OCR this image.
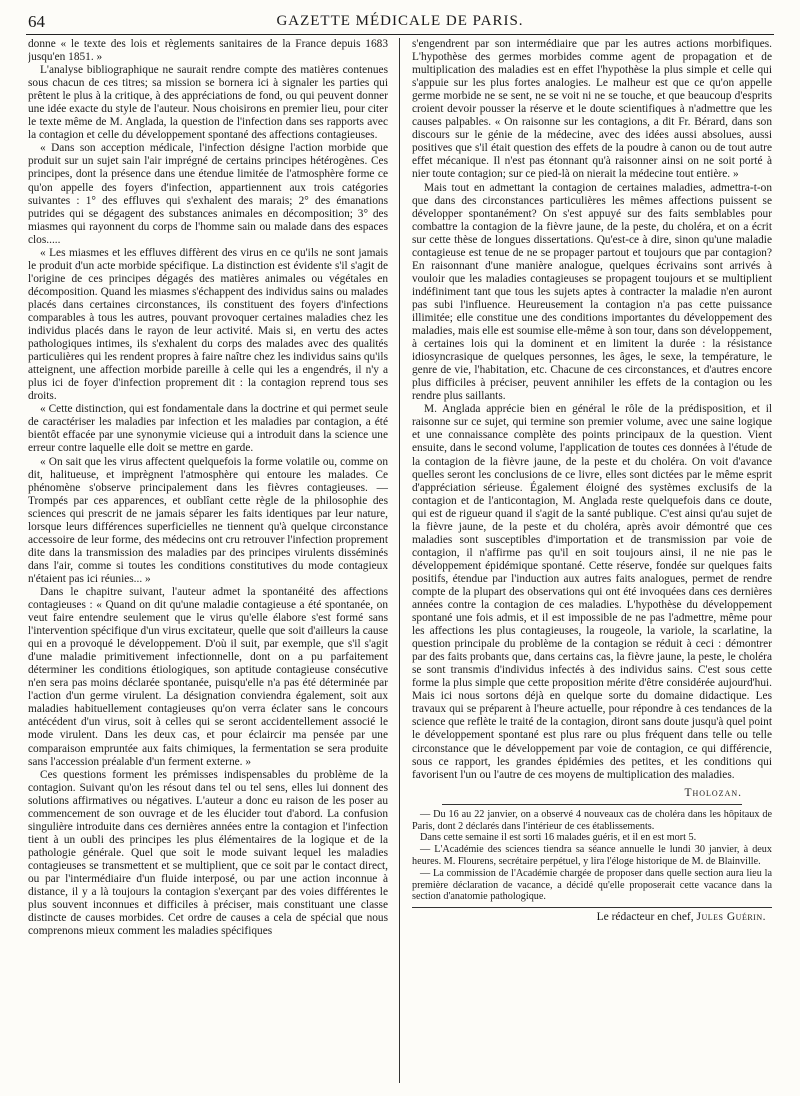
64	GAZETTE MÉDICALE DE PARIS.

donne « le texte des lois et règlements sanitaires de la France depuis 1683 jusqu'en 1851. »

L'analyse bibliographique ne saurait rendre compte des matières contenues sous chacun de ces titres; sa mission se bornera ici à signaler les parties qui prêtent le plus à la critique, à des appréciations de fond, ou qui peuvent donner une idée exacte du style de l'auteur. Nous choisirons en premier lieu, pour citer le texte même de M. Anglada, la question de l'infection dans ses rapports avec la contagion et celle du développement spontané des affections contagieuses.

« Dans son acception médicale, l'infection désigne l'action morbide que produit sur un sujet sain l'air imprégné de certains principes hétérogènes. Ces principes, dont la présence dans une étendue limitée de l'atmosphère forme ce qu'on appelle des foyers d'infection, appartiennent aux trois catégories suivantes : 1° des effluves qui s'exhalent des marais; 2° des émanations putrides qui se dégagent des substances animales en décomposition; 3° des miasmes qui rayonnent du corps de l'homme sain ou malade dans des espaces clos.....

« Les miasmes et les effluves diffèrent des virus en ce qu'ils ne sont jamais le produit d'un acte morbide spécifique. La distinction est évidente s'il s'agit de l'origine de ces principes dégagés des matières animales ou végétales en décomposition. Quand les miasmes s'échappent des individus sains ou malades placés dans certaines circonstances, ils constituent des foyers d'infections comparables à tous les autres, pouvant provoquer certaines maladies chez les individus placés dans le rayon de leur activité. Mais si, en vertu des actes pathologiques intimes, ils s'exhalent du corps des malades avec des qualités particulières qui les rendent propres à faire naître chez les individus sains qu'ils atteignent, une affection morbide pareille à celle qui les a engendrés, il n'y a plus ici de foyer d'infection proprement dit : la contagion reprend tous ses droits.

« Cette distinction, qui est fondamentale dans la doctrine et qui permet seule de caractériser les maladies par infection et les maladies par contagion, a été bientôt effacée par une synonymie vicieuse qui a introduit dans la science une erreur contre laquelle elle doit se mettre en garde.

« On sait que les virus affectent quelquefois la forme volatile ou, comme on dit, halitueuse, et imprègnent l'atmosphère qui entoure les malades. Ce phénomène s'observe principalement dans les fièvres contagieuses. — Trompés par ces apparences, et oublîant cette règle de la philosophie des sciences qui prescrit de ne jamais séparer les faits identiques par leur nature, lorsque leurs différences superficielles ne tiennent qu'à quelque circonstance accessoire de leur forme, des médecins ont cru retrouver l'infection proprement dite dans la transmission des maladies par des principes virulents disséminés dans l'air, comme si toutes les conditions constitutives du mode contagieux n'étaient pas ici réunies... »

Dans le chapitre suivant, l'auteur admet la spontanéité des affections contagieuses : « Quand on dit qu'une maladie contagieuse a été spontanée, on veut faire entendre seulement que le virus qu'elle élabore s'est formé sans l'intervention spécifique d'un virus excitateur, quelle que soit d'ailleurs la cause qui en a provoqué le développement. D'où il suit, par exemple, que s'il s'agit d'une maladie primitivement infectionnelle, dont on a pu parfaitement déterminer les conditions étiologiques, son aptitude contagieuse consécutive n'en sera pas moins déclarée spontanée, puisqu'elle n'a pas été déterminée par l'action d'un germe virulent. La désignation conviendra également, soit aux maladies habituellement contagieuses qu'on verra éclater sans le concours antécédent d'un virus, soit à celles qui se seront accidentellement associé le mode virulent. Dans les deux cas, et pour éclaircir ma pensée par une comparaison empruntée aux faits chimiques, la fermentation se sera produite sans l'accession préalable d'un ferment externe. »

Ces questions forment les prémisses indispensables du problème de la contagion. Suivant qu'on les résout dans tel ou tel sens, elles lui donnent des solutions affirmatives ou négatives. L'auteur a donc eu raison de les poser au commencement de son ouvrage et de les élucider tout d'abord. La confusion singulière introduite dans ces dernières années entre la contagion et l'infection tient à un oubli des principes les plus élémentaires de la logique et de la pathologie générale. Quel que soit le mode suivant lequel les maladies contagieuses se transmettent et se multiplient, que ce soit par le contact direct, ou par l'intermédiaire d'un fluide interposé, ou par une action inconnue à distance, il y a là toujours la contagion s'exerçant par des voies différentes le plus souvent inconnues et difficiles à préciser, mais constituant une classe distincte de causes morbides. Cet ordre de causes a cela de spécial que nous comprenons mieux comment les maladies spécifiques

s'engendrent par son intermédiaire que par les autres actions morbifiques. L'hypothèse des germes morbides comme agent de propagation et de multiplication des maladies est en effet l'hypothèse la plus simple et celle qui s'appuie sur les plus fortes analogies. Le malheur est que ce qu'on appelle germe morbide ne se sent, ne se voit ni ne se touche, et que beaucoup d'esprits croient devoir pousser la réserve et le doute scientifiques à n'admettre que les causes palpables. « On raisonne sur les contagions, a dit Fr. Bérard, dans son discours sur le génie de la médecine, avec des idées aussi absolues, aussi positives que s'il était question des effets de la poudre à canon ou de tout autre effet mécanique. Il n'est pas étonnant qu'à raisonner ainsi on ne soit porté à nier toute contagion; sur ce pied-là on nierait la médecine tout entière. »

Mais tout en admettant la contagion de certaines maladies, admettra-t-on que dans des circonstances particulières les mêmes affections puissent se développer spontanément? On s'est appuyé sur des faits semblables pour combattre la contagion de la fièvre jaune, de la peste, du choléra, et on a écrit sur cette thèse de longues dissertations. Qu'est-ce à dire, sinon qu'une maladie contagieuse est tenue de ne se propager partout et toujours que par contagion? En raisonnant d'une manière analogue, quelques écrivains sont arrivés à vouloir que les maladies contagieuses se propagent toujours et se multiplient indéfiniment tant que tous les sujets aptes à contracter la maladie n'en auront pas subi l'influence. Heureusement la contagion n'a pas cette puissance illimitée; elle constitue une des conditions importantes du développement des maladies, mais elle est soumise elle-même à son tour, dans son développement, à certaines lois qui la dominent et en limitent la durée : la résistance idiosyncrasique de quelques personnes, les âges, le sexe, la température, le genre de vie, l'habitation, etc. Chacune de ces circonstances, et d'autres encore plus difficiles à préciser, peuvent annihiler les effets de la contagion ou les rendre plus saillants.

M. Anglada apprécie bien en général le rôle de la prédisposition, et il raisonne sur ce sujet, qui termine son premier volume, avec une saine logique et une connaissance complète des points principaux de la question. Vient ensuite, dans le second volume, l'application de toutes ces données à l'étude de la contagion de la fièvre jaune, de la peste et du choléra. On voit d'avance quelles seront les conclusions de ce livre, elles sont dictées par le même esprit d'appréciation sérieuse. Également éloigné des systèmes exclusifs de la contagion et de l'anticontagion, M. Anglada reste quelquefois dans ce doute, qui est de rigueur quand il s'agit de la santé publique. C'est ainsi qu'au sujet de la fièvre jaune, de la peste et du choléra, après avoir démontré que ces maladies sont susceptibles d'importation et de transmission par voie de contagion, il n'affirme pas qu'il en soit toujours ainsi, il ne nie pas le développement épidémique spontané. Cette réserve, fondée sur quelques faits positifs, étendue par l'induction aux autres faits analogues, permet de rendre compte de la plupart des observations qui ont été invoquées dans ces dernières années contre la contagion de ces maladies. L'hypothèse du développement spontané une fois admis, et il est impossible de ne pas l'admettre, même pour les affections les plus contagieuses, la rougeole, la variole, la scarlatine, la question principale du problème de la contagion se réduit à ceci : démontrer par des faits probants que, dans certains cas, la fièvre jaune, la peste, le choléra se sont transmis d'individus infectés à des individus sains. C'est sous cette forme la plus simple que cette proposition mérite d'être considérée aujourd'hui. Mais ici nous sortons déjà en quelque sorte du domaine didactique. Les travaux qui se préparent à l'heure actuelle, pour répondre à ces tendances de la science que reflète le traité de la contagion, diront sans doute jusqu'à quel point le développement spontané est plus rare ou plus fréquent dans telle ou telle circonstance que le développement par voie de contagion, ce qui différencie, sous ce rapport, les grandes épidémies des petites, et les conditions qui favorisent l'un ou l'autre de ces moyens de multiplication des maladies.

Tholozan.

— Du 16 au 22 janvier, on a observé 4 nouveaux cas de choléra dans les hôpitaux de Paris, dont 2 déclarés dans l'intérieur de ces établissements.

Dans cette semaine il est sorti 16 malades guéris, et il en est mort 5.

— L'Académie des sciences tiendra sa séance annuelle le lundi 30 janvier, à deux heures. M. Flourens, secrétaire perpétuel, y lira l'éloge historique de M. de Blainville.

— La commission de l'Académie chargée de proposer dans quelle section aura lieu la première déclaration de vacance, a décidé qu'elle proposerait cette vacance dans la section d'anatomie pathologique.

Le rédacteur en chef, Jules Guérin.
